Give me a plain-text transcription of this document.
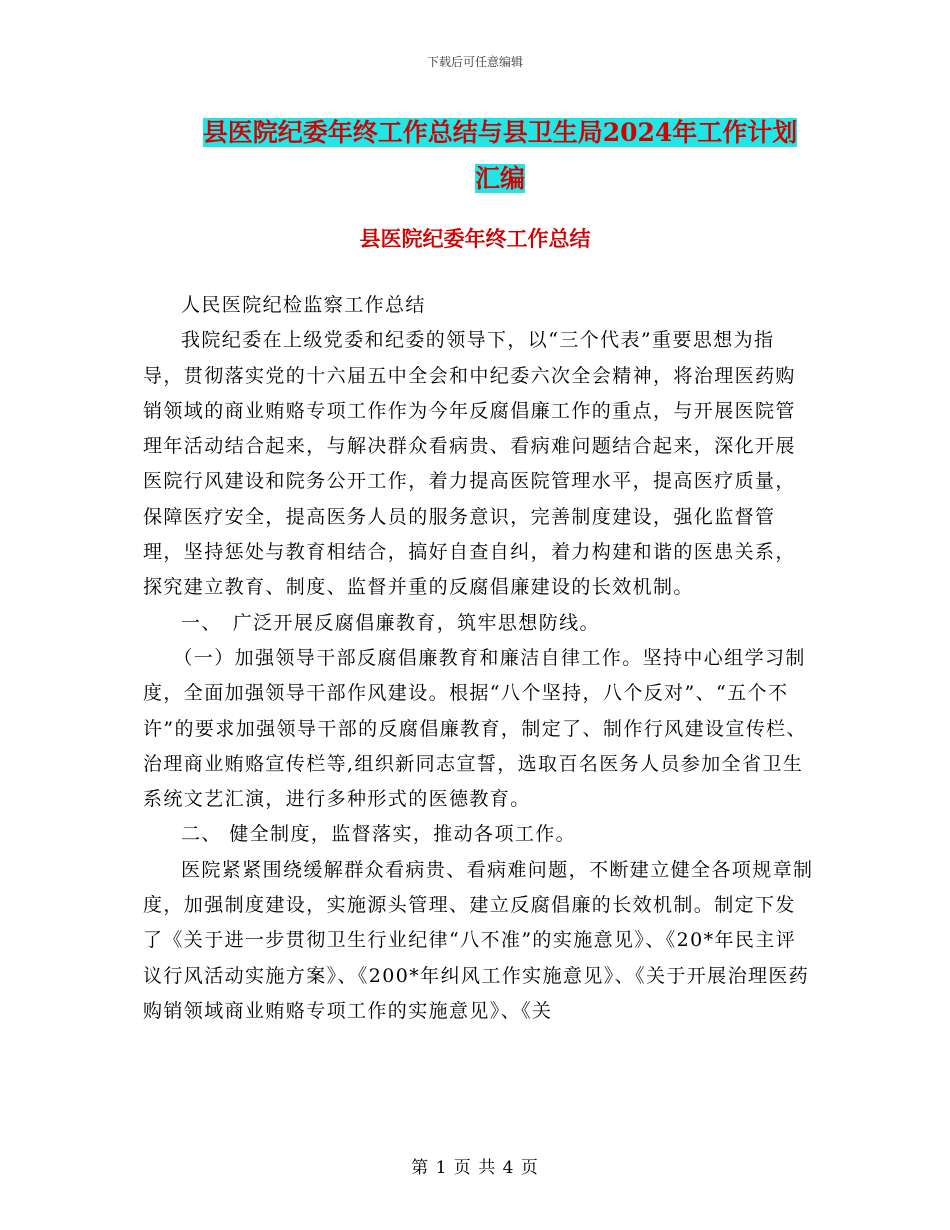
下载后可任意编辑
县医院纪委年终工作总结与县卫生局2024年工作计划
汇编
县医院纪委年终工作总结

人民医院纪检监察工作总结

我院纪委在上级党委和纪委的领导下，以“三个代表”重要思想为指导，贯彻落实党的十六届五中全会和中纪委六次全会精神，将治理医药购销领域的商业贿赂专项工作作为今年反腐倡廉工作的重点，与开展医院管理年活动结合起来，与解决群众看病贵、看病难问题结合起来，深化开展医院行风建设和院务公开工作，着力提高医院管理水平，提高医疗质量，保障医疗安全，提高医务人员的服务意识，完善制度建设，强化监督管理，坚持惩处与教育相结合，搞好自查自纠，着力构建和谐的医患关系，探究建立教育、制度、监督并重的反腐倡廉建设的长效机制。

一、　广泛开展反腐倡廉教育，筑牢思想防线。

（一）加强领导干部反腐倡廉教育和廉洁自律工作。坚持中心组学习制度，全面加强领导干部作风建设。根据“八个坚持，八个反对”、“五个不许”的要求加强领导干部的反腐倡廉教育，制定了、制作行风建设宣传栏、治理商业贿赂宣传栏等,组织新同志宣誓，选取百名医务人员参加全省卫生系统文艺汇演，进行多种形式的医德教育。

二、 健全制度，监督落实，推动各项工作。

医院紧紧围绕缓解群众看病贵、看病难问题，不断建立健全各项规章制度，加强制度建设，实施源头管理、建立反腐倡廉的长效机制。制定下发了《关于进一步贯彻卫生行业纪律“八不准”的实施意见》、《20*年民主评议行风活动实施方案》、《200*年纠风工作实施意见》、《关于开展治理医药购销领域商业贿赂专项工作的实施意见》、《关

第 1 页 共 4 页
